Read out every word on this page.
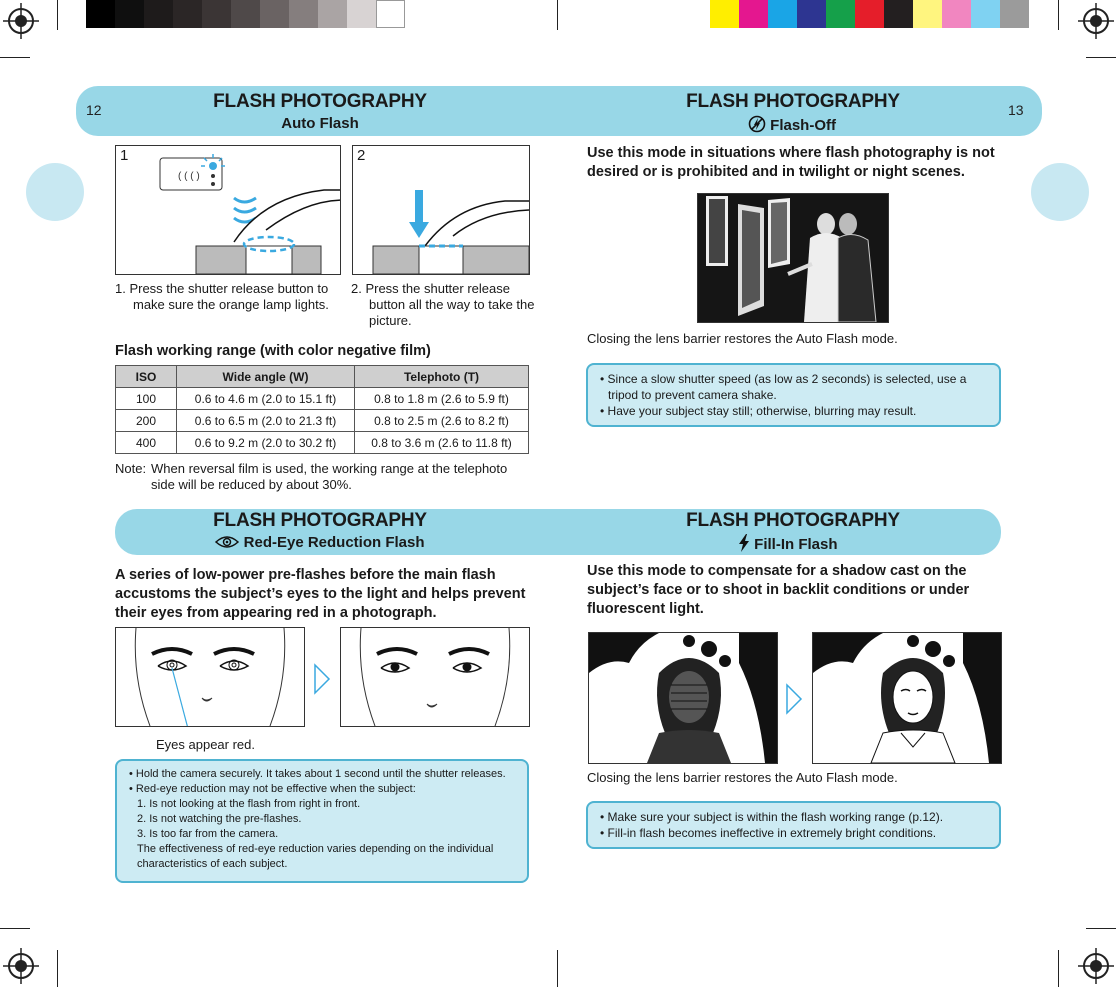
12	13
FLASH PHOTOGRAPHY
Auto Flash
FLASH PHOTOGRAPHY
Flash-Off
1
( ( ( )
2
1. Press the shutter release button to make sure the orange lamp lights.
2. Press the shutter release button all the way to take the picture.
Flash working range (with color negative film)
ISO	Wide angle (W)	Telephoto (T)
100	0.6 to 4.6 m (2.0 to 15.1 ft)	0.8 to 1.8 m (2.6 to 5.9 ft)
200	0.6 to 6.5 m (2.0 to 21.3 ft)	0.8 to 2.5 m (2.6 to 8.2 ft)
400	0.6 to 9.2 m (2.0 to 30.2 ft)	0.8 to 3.6 m (2.6 to 11.8 ft)
Note: When reversal film is used, the working range at the telephoto side will be reduced by about 30%.
Use this mode in situations where flash photography is not desired or is prohibited and in twilight or night scenes.
Closing the lens barrier restores the Auto Flash mode.
• Since a slow shutter speed (as low as 2 seconds) is selected, use a tripod to prevent camera shake.
• Have your subject stay still; otherwise, blurring may result.
FLASH PHOTOGRAPHY
Red-Eye Reduction Flash
FLASH PHOTOGRAPHY
Fill-In Flash
A series of low-power pre-flashes before the main flash accustoms the subject’s eyes to the light and helps prevent their eyes from appearing red in a photograph.
Eyes appear red.
• Hold the camera securely. It takes about 1 second until the shutter releases.
• Red-eye reduction may not be effective when the subject:
1. Is not looking at the flash from right in front.
2. Is not watching the pre-flashes.
3. Is too far from the camera.
The effectiveness of red-eye reduction varies depending on the individual characteristics of each subject.
Use this mode to compensate for a shadow cast on the subject’s face or to shoot in backlit conditions or under fluorescent light.
Closing the lens barrier restores the Auto Flash mode.
• Make sure your subject is within the flash working range (p.12).
• Fill-in flash becomes ineffective in extremely bright conditions.
